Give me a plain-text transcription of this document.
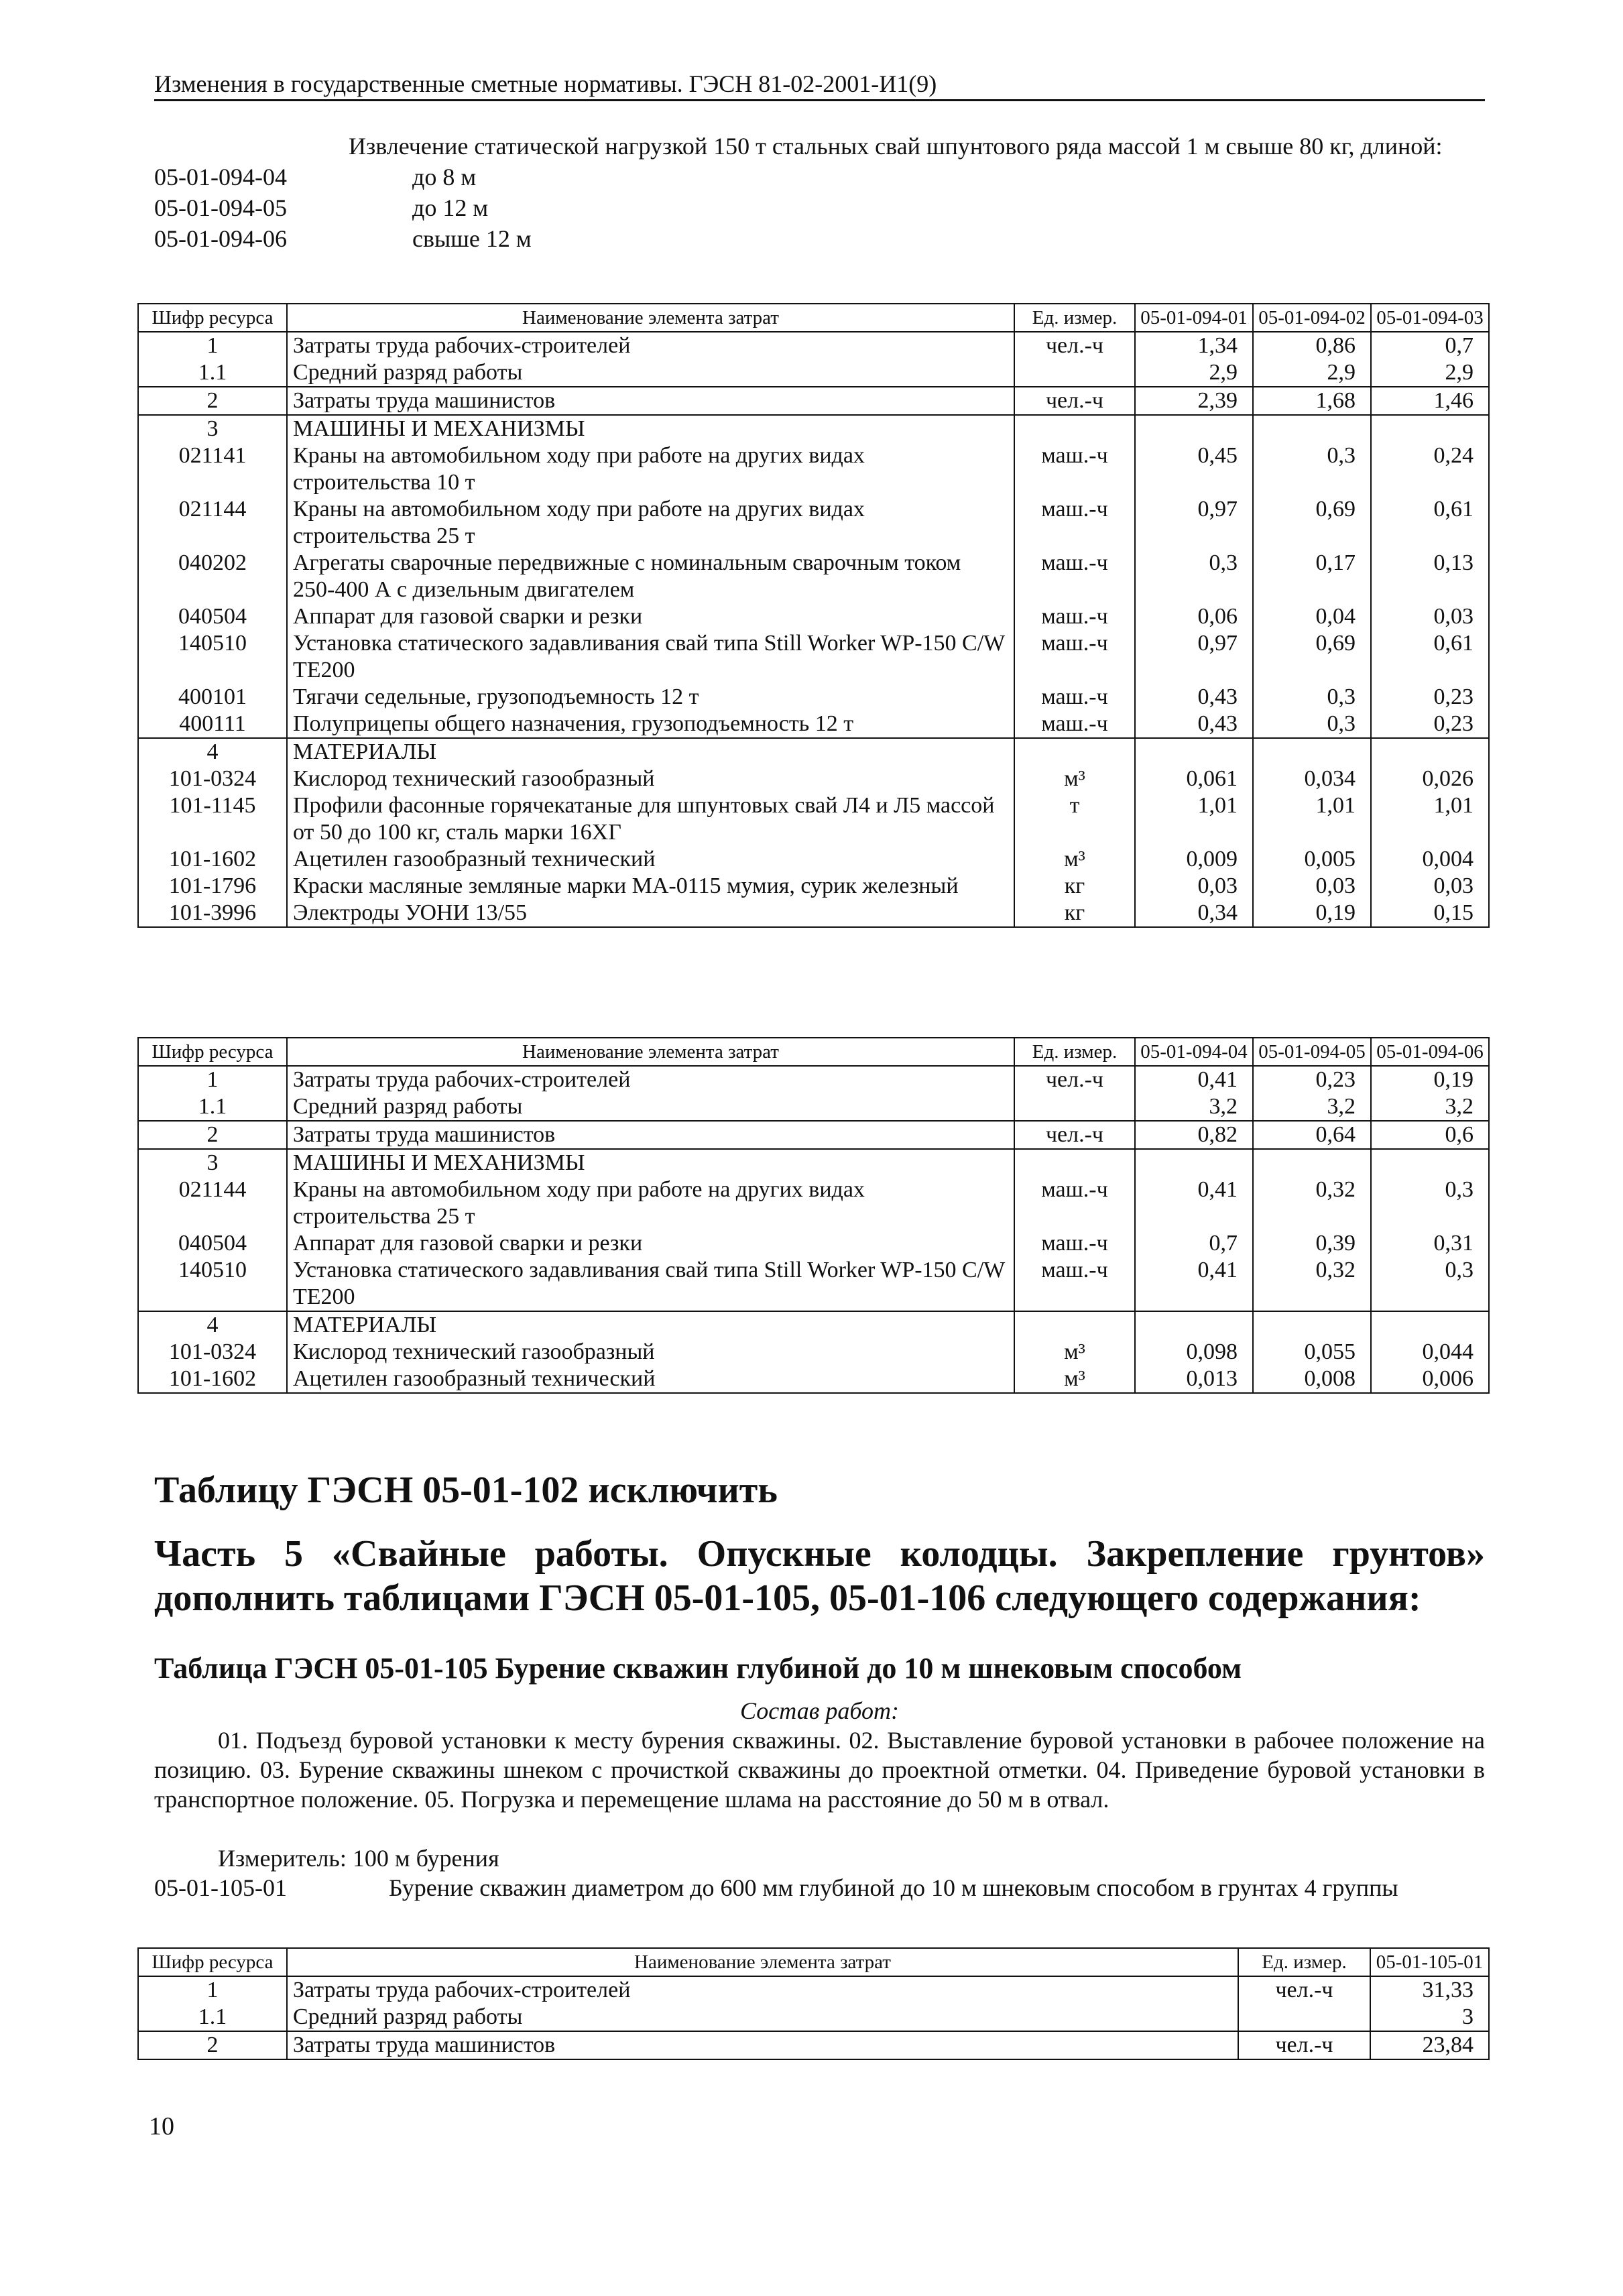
Изменения в государственные сметные нормативы. ГЭСН 81-02-2001-И1(9)
Извлечение статической нагрузкой 150 т стальных свай шпунтового ряда массой 1 м свыше 80 кг, длиной:
05-01-094-04	до 8 м
05-01-094-05	до 12 м
05-01-094-06	свыше 12 м
Шифр ресурса	Наименование элемента затрат	Ед. измер.	05-01-094-01	05-01-094-02	05-01-094-03
1	Затраты труда рабочих-строителей	чел.-ч	1,34	0,86	0,7
1.1	Средний разряд работы		2,9	2,9	2,9
2	Затраты труда машинистов	чел.-ч	2,39	1,68	1,46
3	МАШИНЫ И МЕХАНИЗМЫ				
021141	Краны на автомобильном ходу при работе на других видах строительства 10 т	маш.-ч	0,45	0,3	0,24
021144	Краны на автомобильном ходу при работе на других видах строительства 25 т	маш.-ч	0,97	0,69	0,61
040202	Агрегаты сварочные передвижные с номинальным сварочным током 250-400 А с дизельным двигателем	маш.-ч	0,3	0,17	0,13
040504	Аппарат для газовой сварки и резки	маш.-ч	0,06	0,04	0,03
140510	Установка статического задавливания свай типа Still Worker WP-150 C/W TE200	маш.-ч	0,97	0,69	0,61
400101	Тягачи седельные, грузоподъемность 12 т	маш.-ч	0,43	0,3	0,23
400111	Полуприцепы общего назначения, грузоподъемность 12 т	маш.-ч	0,43	0,3	0,23
4	МАТЕРИАЛЫ				
101-0324	Кислород технический газообразный	м³	0,061	0,034	0,026
101-1145	Профили фасонные горячекатаные для шпунтовых свай Л4 и Л5 массой от 50 до 100 кг, сталь марки 16ХГ	т	1,01	1,01	1,01
101-1602	Ацетилен газообразный технический	м³	0,009	0,005	0,004
101-1796	Краски масляные земляные марки МА-0115 мумия, сурик железный	кг	0,03	0,03	0,03
101-3996	Электроды УОНИ 13/55	кг	0,34	0,19	0,15
Шифр ресурса	Наименование элемента затрат	Ед. измер.	05-01-094-04	05-01-094-05	05-01-094-06
1	Затраты труда рабочих-строителей	чел.-ч	0,41	0,23	0,19
1.1	Средний разряд работы		3,2	3,2	3,2
2	Затраты труда машинистов	чел.-ч	0,82	0,64	0,6
3	МАШИНЫ И МЕХАНИЗМЫ				
021144	Краны на автомобильном ходу при работе на других видах строительства 25 т	маш.-ч	0,41	0,32	0,3
040504	Аппарат для газовой сварки и резки	маш.-ч	0,7	0,39	0,31
140510	Установка статического задавливания свай типа Still Worker WP-150 C/W TE200	маш.-ч	0,41	0,32	0,3
4	МАТЕРИАЛЫ				
101-0324	Кислород технический газообразный	м³	0,098	0,055	0,044
101-1602	Ацетилен газообразный технический	м³	0,013	0,008	0,006
Таблицу ГЭСН 05-01-102 исключить
Часть 5 «Свайные работы. Опускные колодцы. Закрепление грунтов» дополнить таблицами ГЭСН 05-01-105, 05-01-106 следующего содержания:
Таблица ГЭСН 05-01-105 Бурение скважин глубиной до 10 м шнековым способом
Состав работ:
01. Подъезд буровой установки к месту бурения скважины. 02. Выставление буровой установки в рабочее положение на позицию. 03. Бурение скважины шнеком с прочисткой скважины до проектной отметки. 04. Приведение буровой установки в транспортное положение. 05. Погрузка и перемещение шлама на расстояние до 50 м в отвал.
Измеритель: 100 м бурения
05-01-105-01	Бурение скважин диаметром до 600 мм глубиной до 10 м шнековым способом в грунтах 4 группы
Шифр ресурса	Наименование элемента затрат	Ед. измер.	05-01-105-01
1	Затраты труда рабочих-строителей	чел.-ч	31,33
1.1	Средний разряд работы		3
2	Затраты труда машинистов	чел.-ч	23,84
10
